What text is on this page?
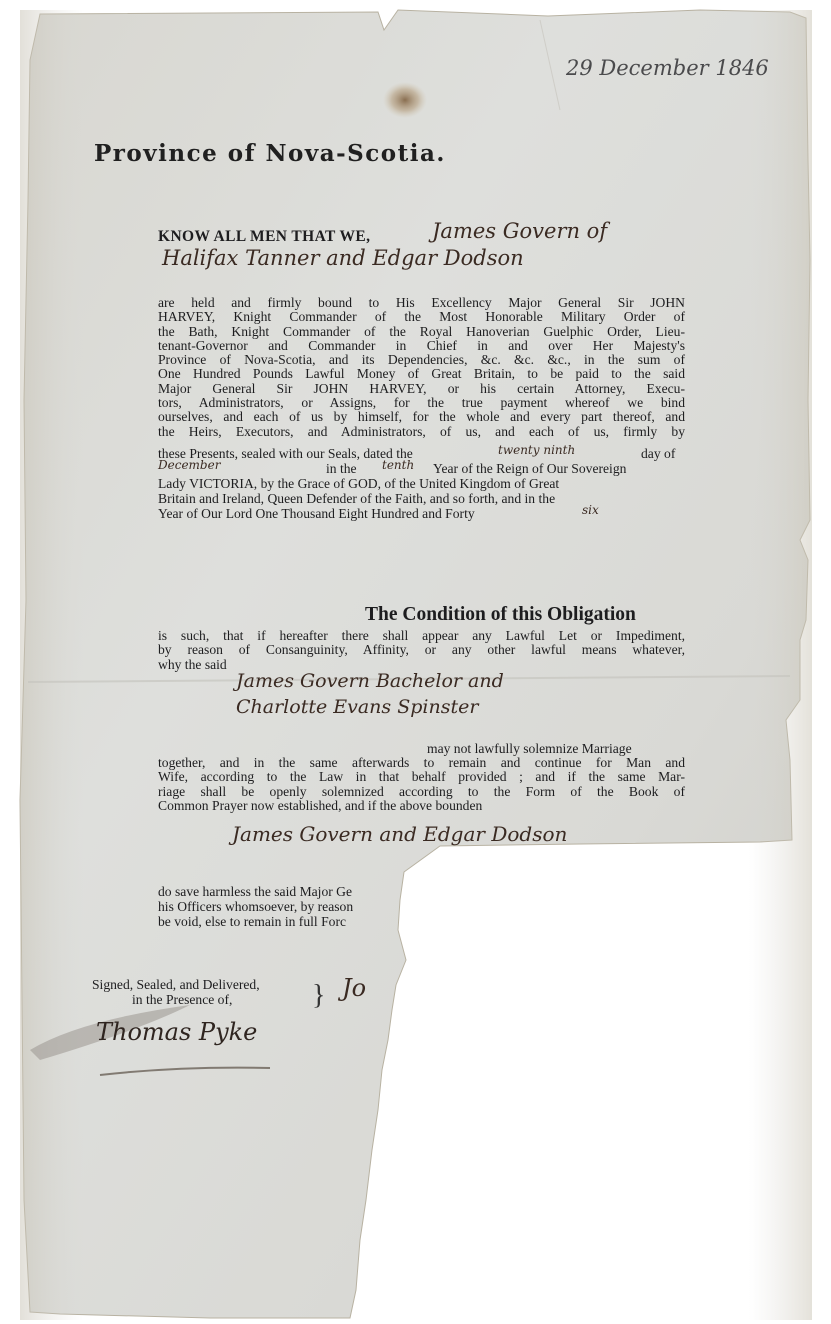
29 December 1846

Province of Nova-Scotia.

KNOW ALL MEN THAT WE,	James Govern of

Halifax Tanner and Edgar Dodson

are held and firmly bound to His Excellency Major General Sir JOHN
HARVEY, Knight Commander of the Most Honorable Military Order of
the Bath, Knight Commander of the Royal Hanoverian Guelphic Order, Lieu-
tenant-Governor and Commander in Chief in and over Her Majesty's
Province of Nova-Scotia, and its Dependencies, &c. &c. &c., in the sum of
One Hundred Pounds Lawful Money of Great Britain, to be paid to the said
Major General Sir JOHN HARVEY, or his certain Attorney, Execu-
tors, Administrators, or Assigns, for the true payment whereof we bind
ourselves, and each of us by himself, for the whole and every part thereof, and
the Heirs, Executors, and Administrators, of us, and each of us, firmly by
these Presents, sealed with our Seals, dated the	twenty ninth	day of
December	in the tenth Year of the Reign of Our Sovereign
Lady VICTORIA, by the Grace of GOD, of the United Kingdom of Great
Britain and Ireland, Queen Defender of the Faith, and so forth, and in the
Year of Our Lord One Thousand Eight Hundred and Forty	six
The Condition of this Obligation
is such, that if hereafter there shall appear any Lawful Let or Impediment,
by reason of Consanguinity, Affinity, or any other lawful means whatever,
why the said

James Govern Bachelor and

Charlotte Evans Spinster

may not lawfully solemnize Marriage
together, and in the same afterwards to remain and continue for Man and
Wife, according to the Law in that behalf provided ; and if the same Mar-
riage shall be openly solemnized according to the Form of the Book of
Common Prayer now established, and if the above bounden

James Govern and Edgar Dodson

do save harmless the said Major Ge
his Officers whomsoever, by reason
be void, else to remain in full Forc
Signed, Sealed, and Delivered,
in the Presence of,	} Jo

Thomas Pyke
